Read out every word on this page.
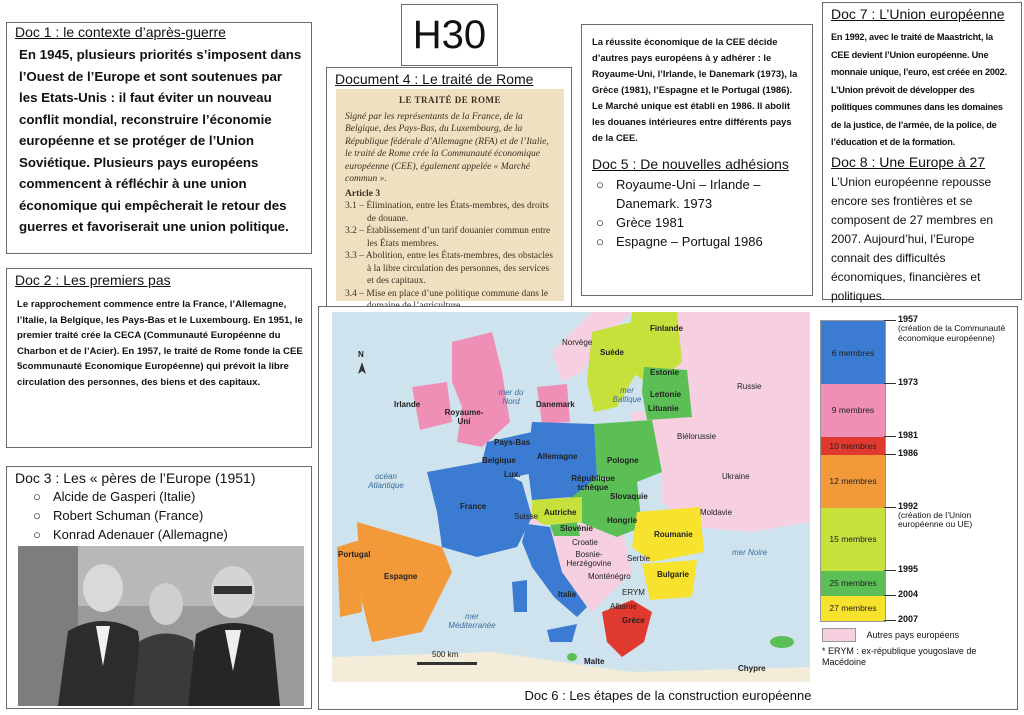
H30

Doc 1 : le contexte d’après-guerre

En 1945, plusieurs priorités s’imposent dans l’Ouest de l’Europe et sont soutenues par les Etats-Unis : il faut éviter un nouveau conflit mondial, reconstruire l’économie européenne et se protéger de l’Union Soviétique. Plusieurs pays européens commencent à réfléchir à une union économique qui empêcherait le retour des guerres et favoriserait une union politique.

Doc 2 : Les premiers pas

Le rapprochement commence entre la France, l’Allemagne, l’Italie, la Belgique, les Pays-Bas et le Luxembourg. En 1951, le premier traité crée la CECA (Communauté Européenne du Charbon et de l’Acier). En 1957, le traité de Rome fonde la CEE 5communauté Economique Européenne) qui prévoit la libre circulation des personnes, des biens et des capitaux.

Doc 3 : Les « pères de l’Europe (1951)

○ Alcide de Gasperi (Italie)
○ Robert Schuman (France)
○ Konrad Adenauer (Allemagne)

Document 4 : Le traité de Rome

LE TRAITÉ DE ROME
Signé par les représentants de la France, de la Belgique, des Pays-Bas, du Luxembourg, de la République fédérale d’Allemagne (RFA) et de l’Italie, le traité de Rome crée la Communauté économique européenne (CEE), également appelée « Marché commun ».
Article 3
3.1 – Élimination, entre les États-membres, des droits de douane.
3.2 – Établissement d’un tarif douanier commun entre les États membres.
3.3 – Abolition, entre les États-membres, des obstacles à la libre circulation des personnes, des services et des capitaux.
3.4 – Mise en place d’une politique commune dans le
La réussite économique de la CEE décide d’autres pays européens à y adhérer : le Royaume-Uni, l’Irlande, le Danemark (1973), la Grèce (1981), l’Espagne et le Portugal (1986). Le Marché unique est établi en 1986. Il abolit les douanes intérieures entre différents pays de la CEE.

Doc 5 : De nouvelles adhésions

○ Royaume-Uni – Irlande – Danemark. 1973
○ Grèce 1981
○ Espagne – Portugal 1986

Doc 7 : L’Union européenne

En 1992, avec le traité de Maastricht, la CEE devient l’Union européenne. Une monnaie unique, l’euro, est créée en 2002. L’Union prévoit de développer des politiques communes dans les domaines de la justice, de l’armée, de la police, de l’éducation et de la formation.

Doc 8 : Une Europe à 27

L’Union européenne repousse encore ses frontières et se composent de 27 membres en 2007. Aujourd’hui, l’Europe connait des difficultés économiques, financières et politiques.
N
500 km
Finlande
Suède
Norvège
Estonie
Lettonie
Lituanie
Russie
Danemark
Irlande
Royaume-Uni
Pays-Bas
Belgique
Lux.
Allemagne	Pologne
Biélorussie
Ukraine
République tchèque
Slovaquie
Autriche
Hongrie
Moldavie
Roumanie
France
Suisse
Slovénie
Croatie
Bosnie-Herzégovine
Serbie
Monténégro	Bulgarie
ERYM
Albanie
Italie
Portugal
Espagne
Grèce
Malte
Chypre
mer du Nord
mer Baltique
océan Atlantique
mer Méditerranée
mer Noire
6 membres
9 membres
10 membres
12 membres
15 membres
25 membres
27 membres
1957
(création de la Communauté économique européenne)
1973
1981
1986
1992
(création de l’Union européenne ou UE)
1995
2004
2007
Autres pays européens
* ERYM : ex-république yougoslave de Macédoine
Doc 6 : Les étapes de la construction européenne
